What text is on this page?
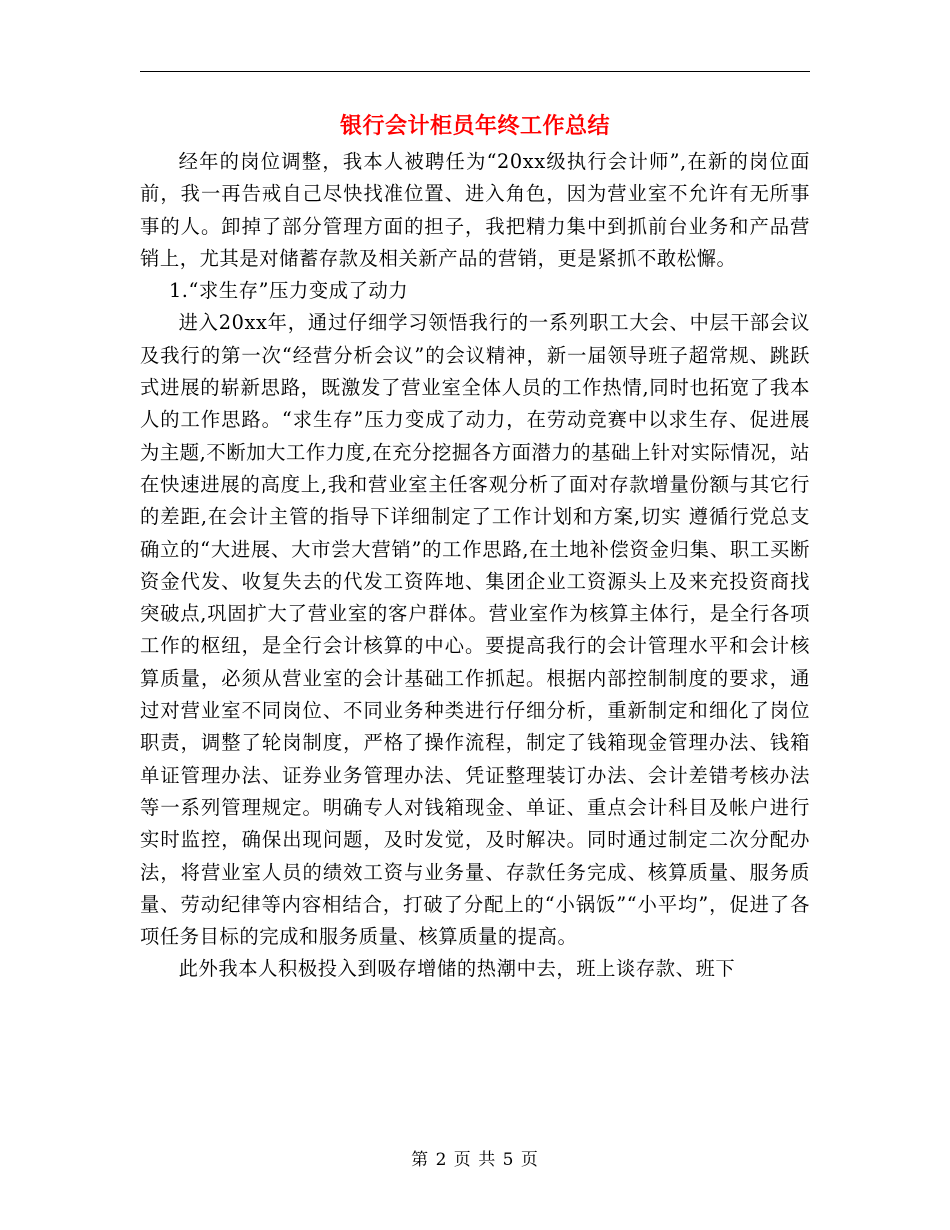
银行会计柜员年终工作总结

经年的岗位调整，我本人被聘任为“20xx级执行会计师”,在新的岗位面前，我一再告戒自己尽快找准位置、进入角色，因为营业室不允许有无所事事的人。卸掉了部分管理方面的担子，我把精力集中到抓前台业务和产品营销上，尤其是对储蓄存款及相关新产品的营销，更是紧抓不敢松懈。

1.“求生存”压力变成了动力

进入20xx年，通过仔细学习领悟我行的一系列职工大会、中层干部会议及我行的第一次“经营分析会议”的会议精神，新一届领导班子超常规、跳跃式进展的崭新思路，既激发了营业室全体人员的工作热情,同时也拓宽了我本人的工作思路。“求生存”压力变成了动力，在劳动竞赛中以求生存、促进展为主题,不断加大工作力度,在充分挖掘各方面潜力的基础上针对实际情况，站在快速进展的高度上,我和营业室主任客观分析了面对存款增量份额与其它行的差距,在会计主管的指导下详细制定了工作计划和方案,切实 遵循行党总支确立的“大进展、大市尝大营销”的工作思路,在土地补偿资金归集、职工买断资金代发、收复失去的代发工资阵地、集团企业工资源头上及来充投资商找突破点,巩固扩大了营业室的客户群体。营业室作为核算主体行，是全行各项工作的枢纽，是全行会计核算的中心。要提高我行的会计管理水平和会计核算质量，必须从营业室的会计基础工作抓起。根据内部控制制度的要求，通过对营业室不同岗位、不同业务种类进行仔细分析，重新制定和细化了岗位职责，调整了轮岗制度，严格了操作流程，制定了钱箱现金管理办法、钱箱单证管理办法、证券业务管理办法、凭证整理装订办法、会计差错考核办法等一系列管理规定。明确专人对钱箱现金、单证、重点会计科目及帐户进行实时监控，确保出现问题，及时发觉，及时解决。同时通过制定二次分配办法，将营业室人员的绩效工资与业务量、存款任务完成、核算质量、服务质量、劳动纪律等内容相结合，打破了分配上的“小锅饭”“小平均”，促进了各项任务目标的完成和服务质量、核算质量的提高。

此外我本人积极投入到吸存增储的热潮中去，班上谈存款、班下

第 2 页 共 5 页
